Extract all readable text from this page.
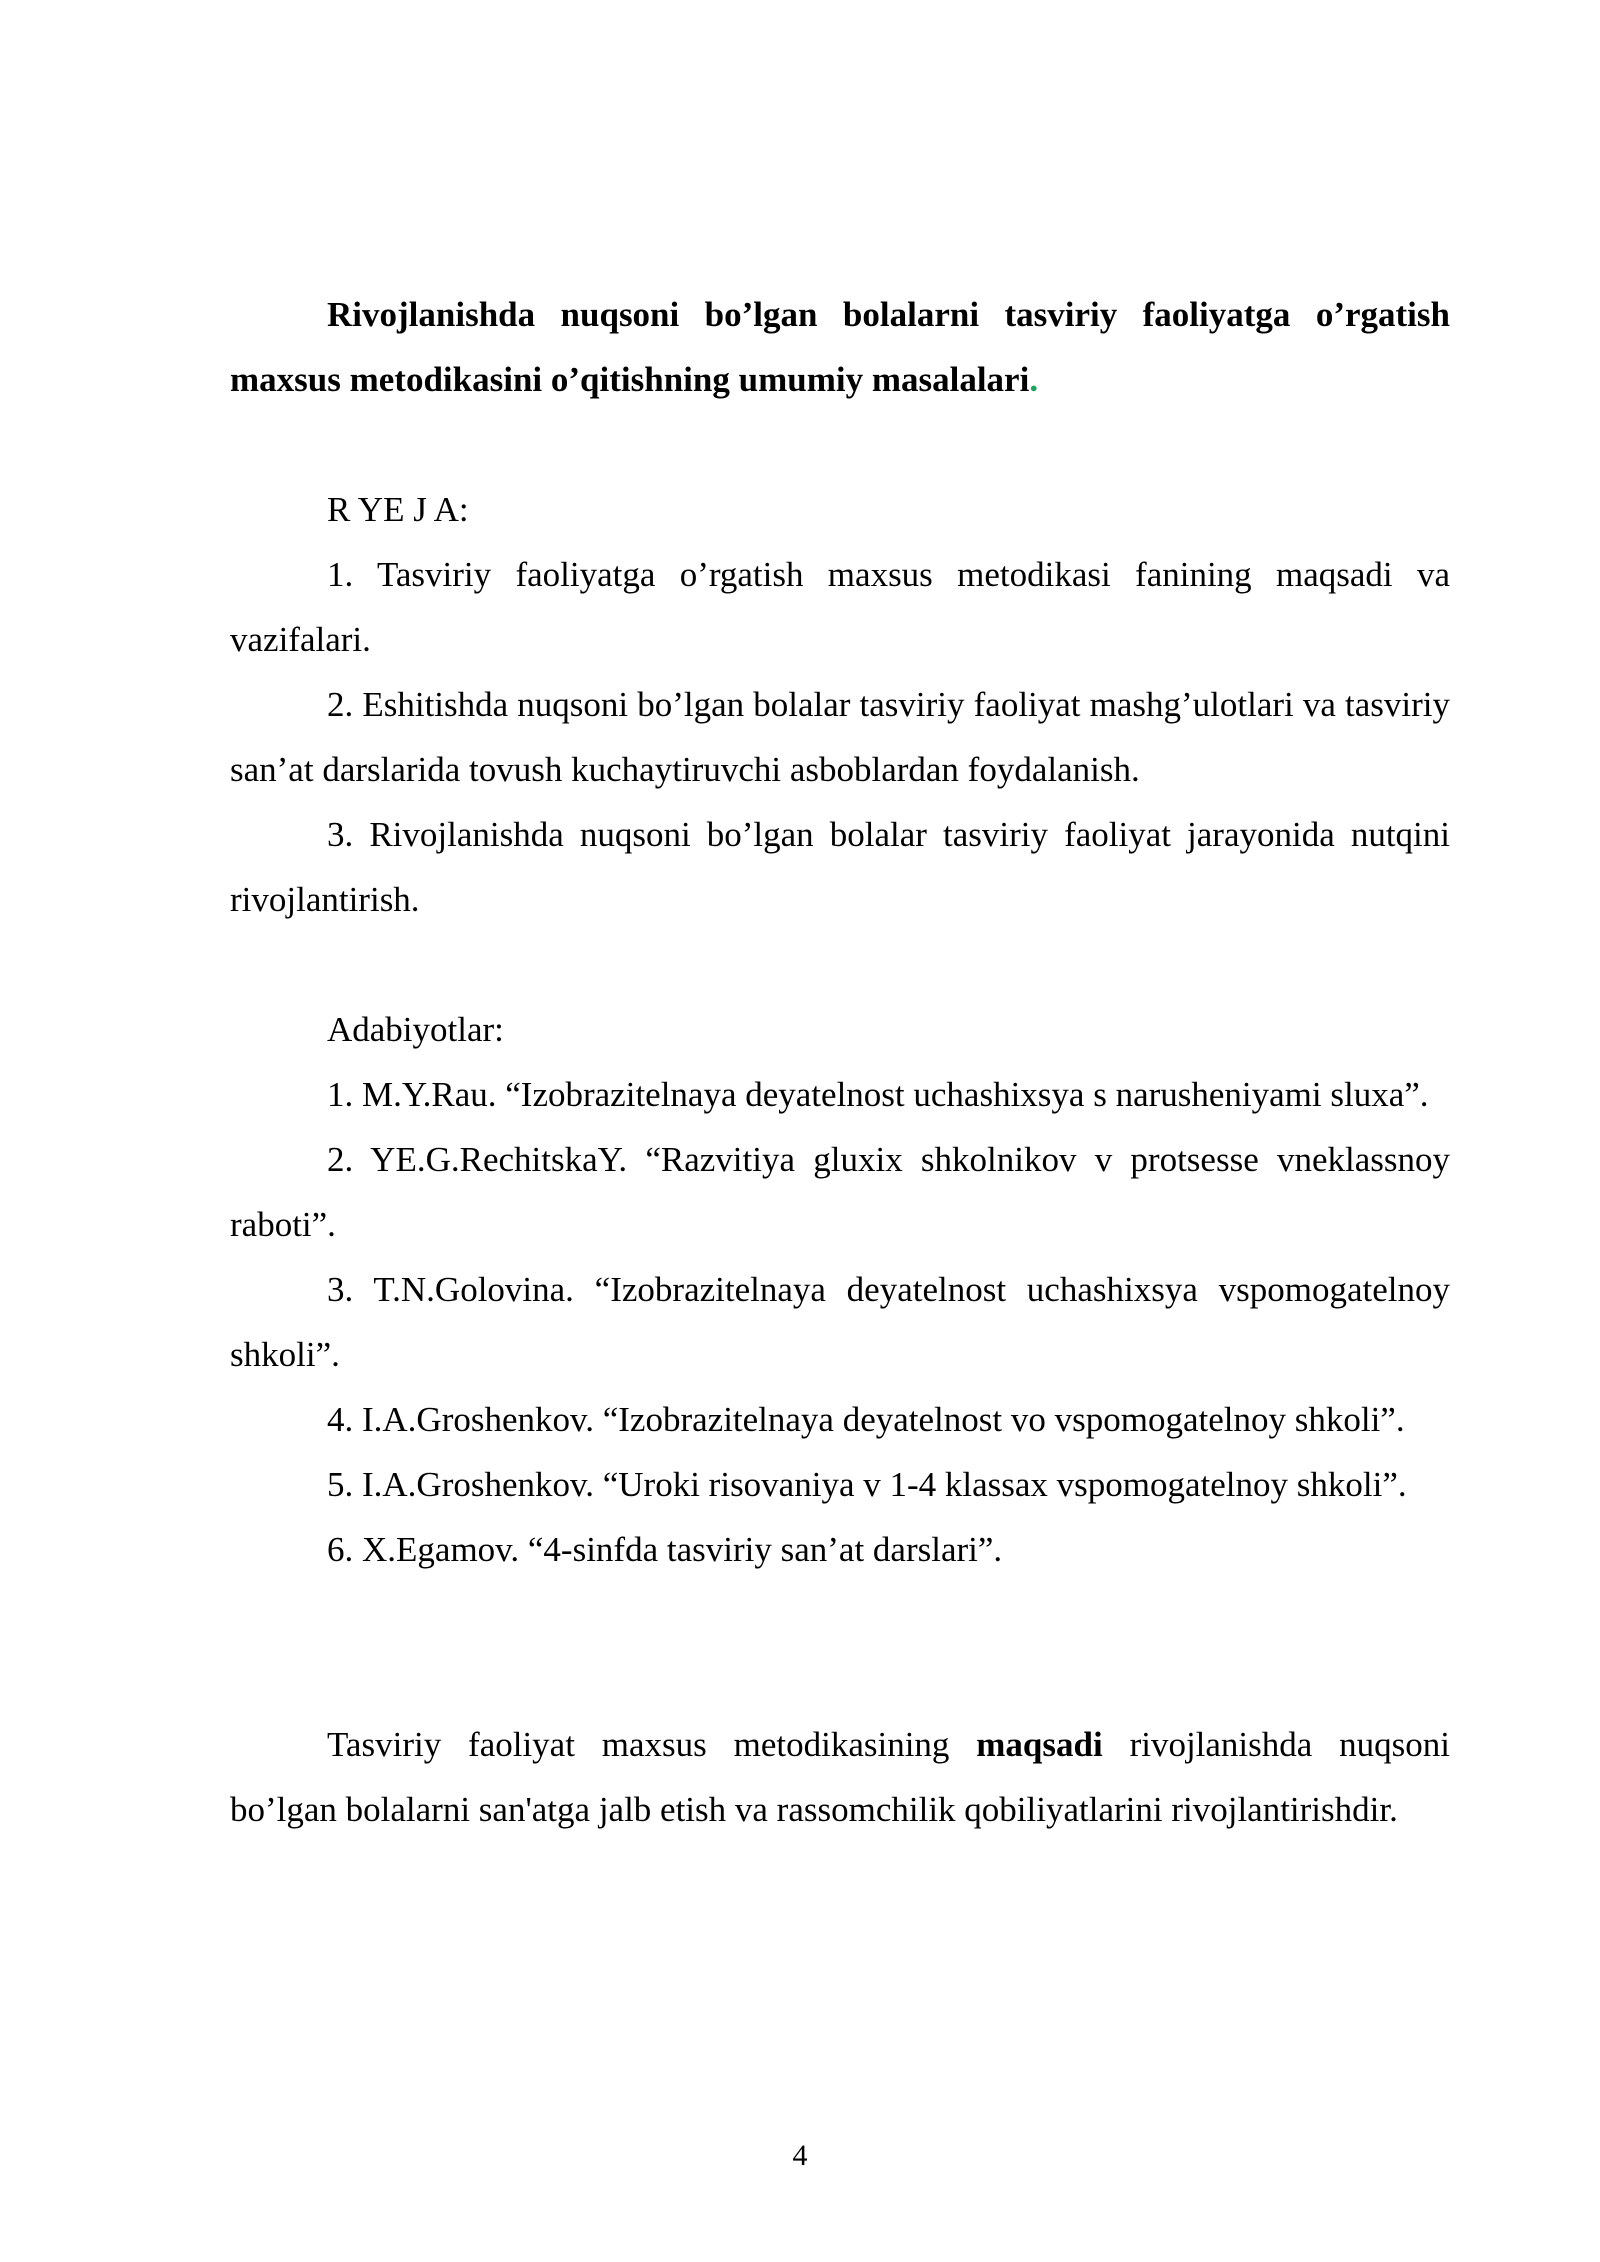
Rivojlanishda nuqsoni bo’lgan bolalarni tasviriy faoliyatga o’rgatish maxsus metodikasini o’qitishning umumiy masalalari.

R YE J A:

1. Tasviriy faoliyatga o’rgatish maxsus metodikasi fanining maqsadi va vazifalari.

2. Eshitishda nuqsoni bo’lgan bolalar tasviriy faoliyat mashg’ulotlari va tasviriy san’at darslarida tovush kuchaytiruvchi asboblardan foydalanish.

3. Rivojlanishda nuqsoni bo’lgan bolalar tasviriy faoliyat jarayonida nutqini rivojlantirish.

Adabiyotlar:

1. M.Y.Rau. “Izobrazitelnaya deyatelnost uchashixsya s narusheniyami sluxa”.

2. YE.G.RechitskaY. “Razvitiya gluxix shkolnikov v protsesse vneklassnoy raboti”.

3. T.N.Golovina. “Izobrazitelnaya deyatelnost uchashixsya vspomogatelnoy shkoli”.

4. I.A.Groshenkov. “Izobrazitelnaya deyatelnost vo vspomogatelnoy shkoli”.

5. I.A.Groshenkov. “Uroki risovaniya v 1-4 klassax vspomogatelnoy shkoli”.

6. X.Egamov. “4-sinfda tasviriy san’at darslari”.

Tasviriy faoliyat maxsus metodikasining maqsadi rivojlanishda nuqsoni bo’lgan bolalarni san'atga jalb etish va rassomchilik qobiliyatlarini rivojlantirishdir.

4
